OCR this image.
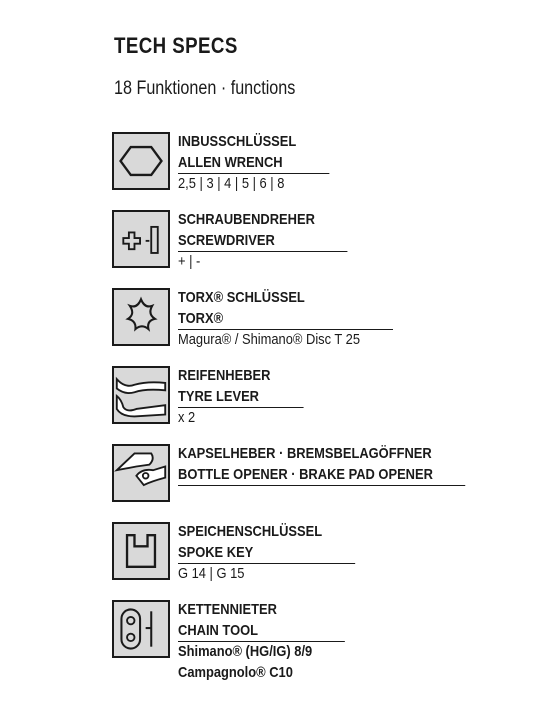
TECH SPECS
18 Funktionen · functions
INBUSSCHLÜSSEL
ALLEN WRENCH
2,5 | 3 | 4 | 5 | 6 | 8
SCHRAUBENDREHER
SCREWDRIVER
+ | -
TORX® SCHLÜSSEL
TORX®
Magura® / Shimano® Disc T 25
REIFENHEBER
TYRE LEVER
x 2
KAPSELHEBER · BREMSBELAGÖFFNER
BOTTLE OPENER · BRAKE PAD OPENER
SPEICHENSCHLÜSSEL
SPOKE KEY
G 14 | G 15
KETTENNIETER
CHAIN TOOL
Shimano® (HG/IG) 8/9
Campagnolo® C10
